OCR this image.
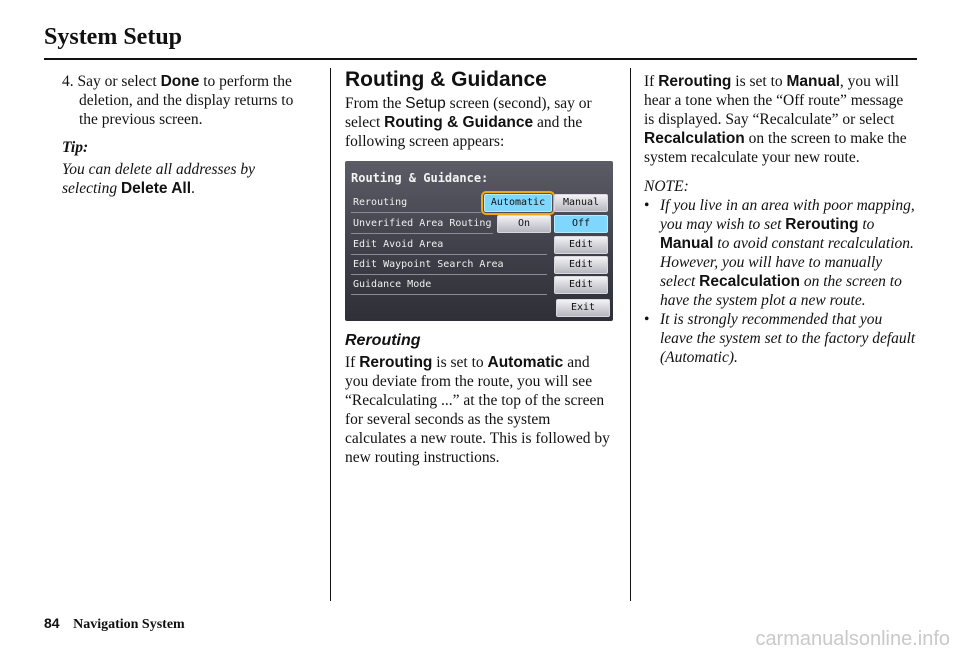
System Setup

4. Say or select Done to perform the deletion, and the display returns to the previous screen.

Tip:

You can delete all addresses by selecting Delete All.

Routing & Guidance

From the Setup screen (second), say or select Routing & Guidance and the following screen appears:

Routing & Guidance:
Rerouting
Unverified Area Routing
Edit Avoid Area
Edit Waypoint Search Area
Guidance Mode
Automatic	Manual
On	Off
Edit
Edit
Edit
Exit
Rerouting

If Rerouting is set to Automatic and you deviate from the route, you will see “Recalculating ...” at the top of the screen for several seconds as the system calculates a new route. This is followed by new routing instructions.

If Rerouting is set to Manual, you will hear a tone when the “Off route” message is displayed. Say “Recalculate” or select Recalculation on the screen to make the system recalculate your new route.

NOTE:

• If you live in an area with poor mapping, you may wish to set Rerouting to Manual to avoid constant recalculation. However, you will have to manually select Recalculation on the screen to have the system plot a new route.
• It is strongly recommended that you leave the system set to the factory default (Automatic).
84 Navigation System
carmanualsonline.info
